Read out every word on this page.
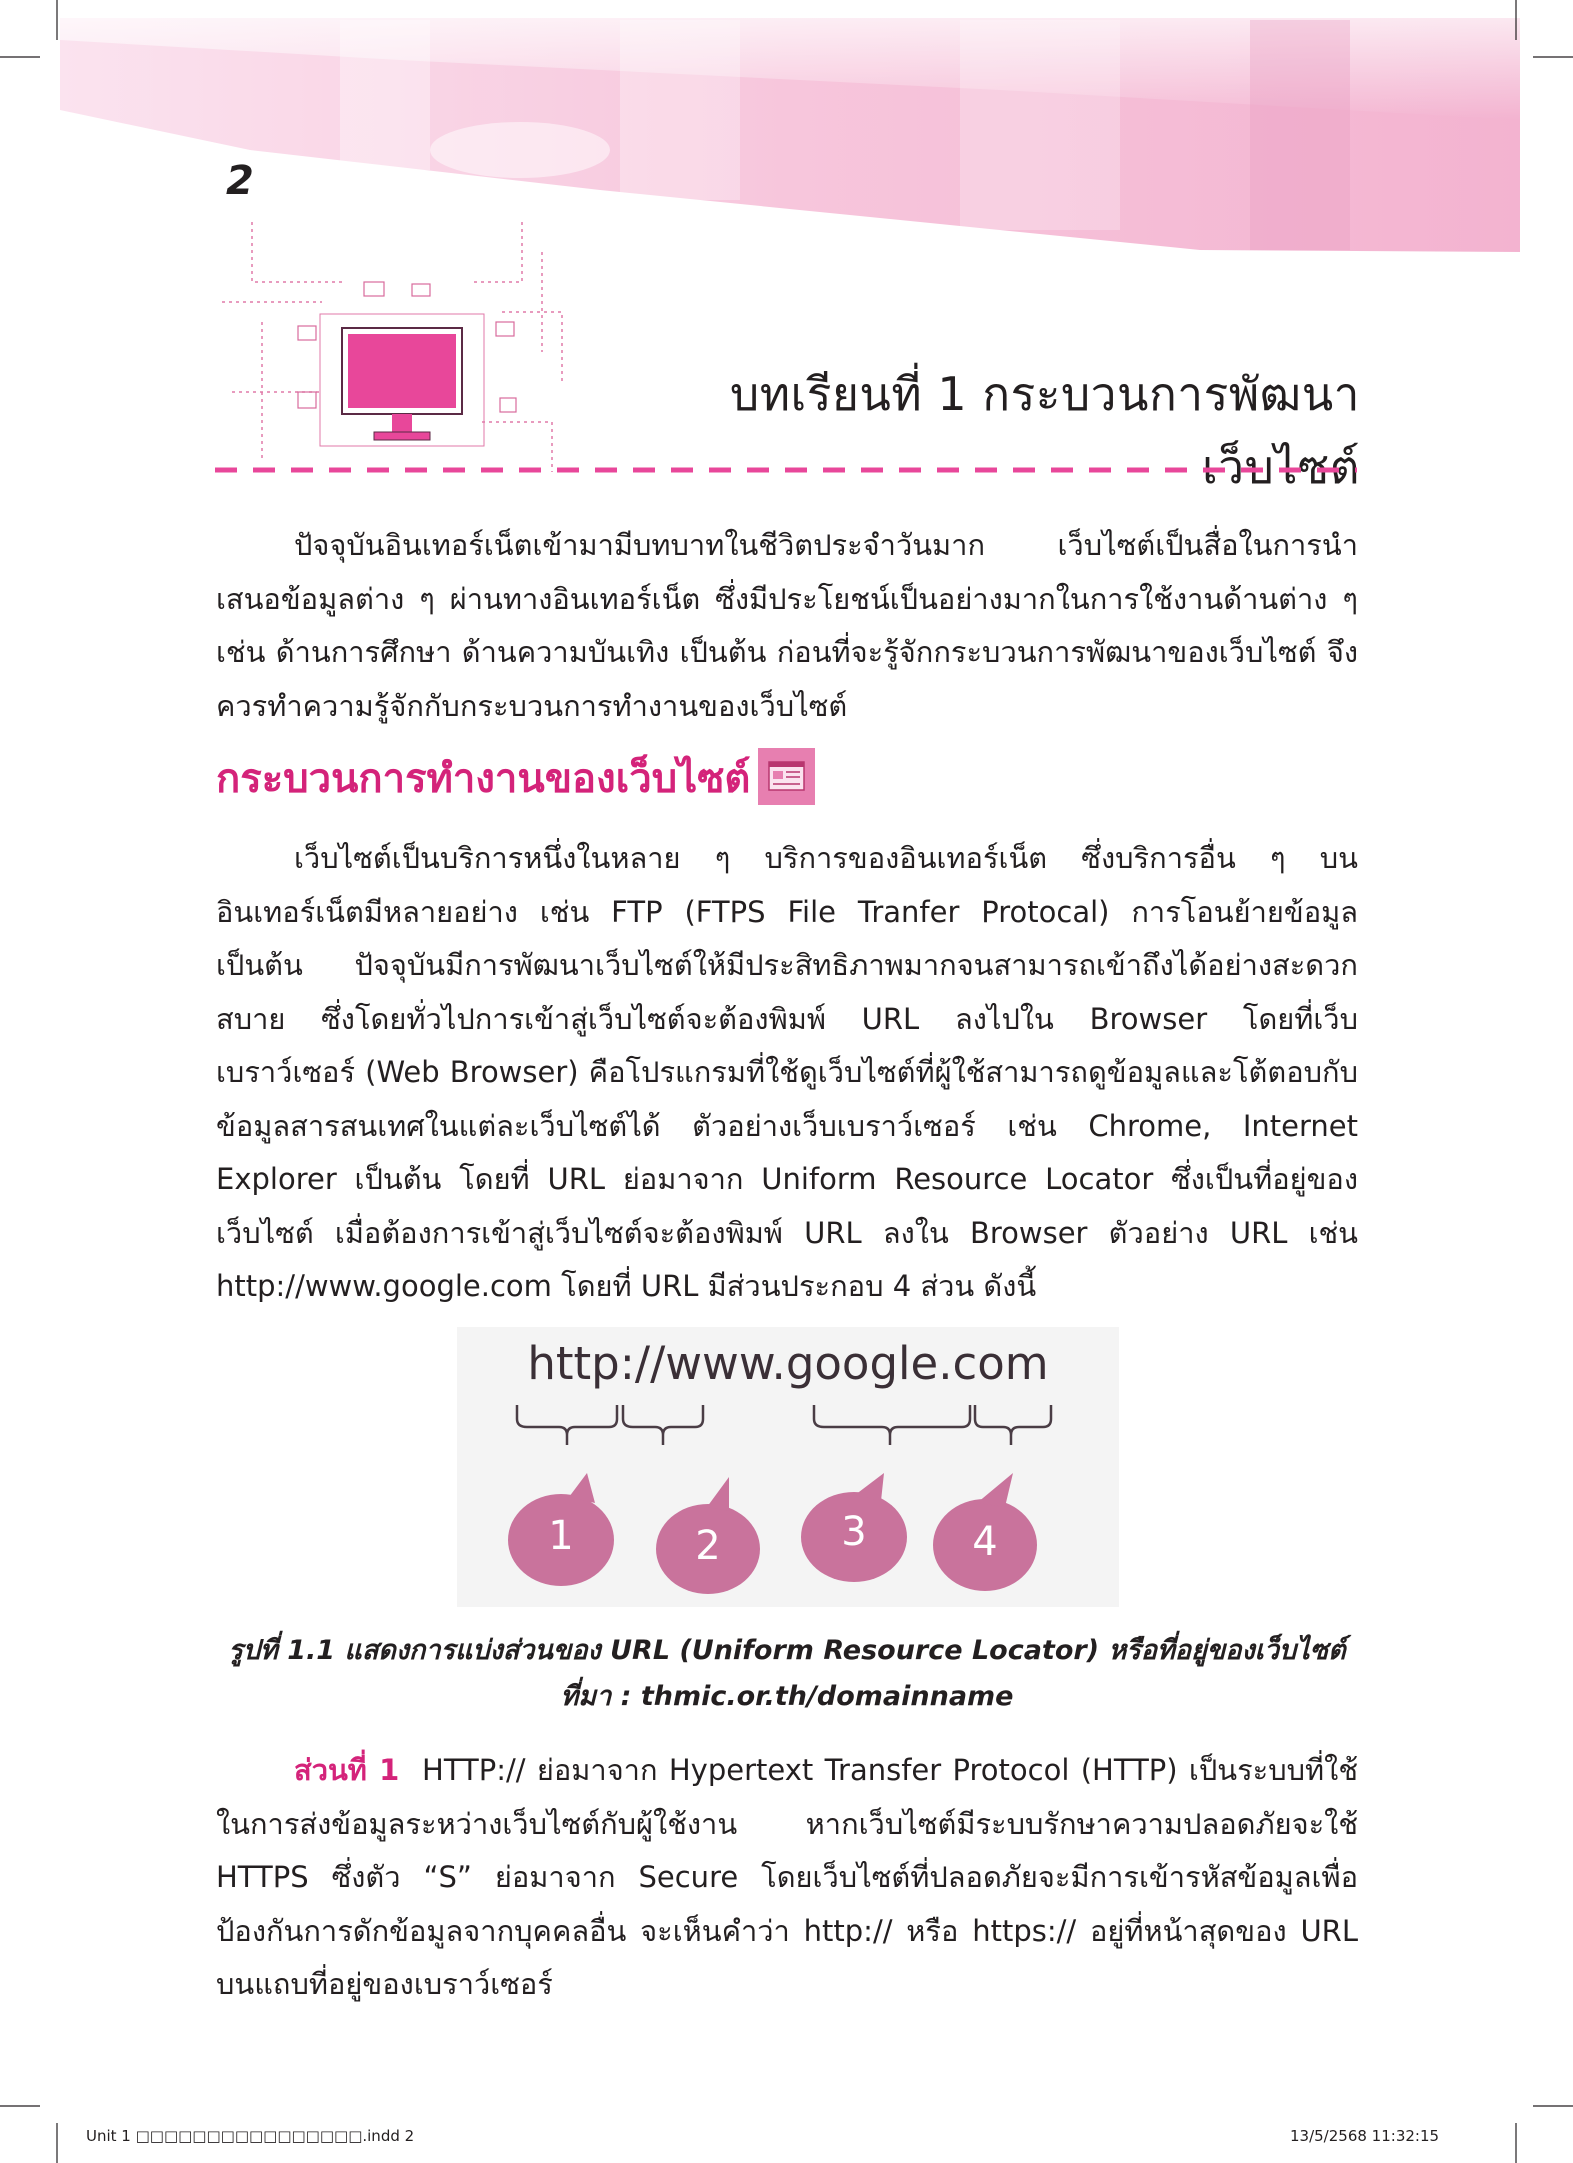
2
บทเรียนที่ 1 กระบวนการพัฒนาเว็บไซต์
ปัจจุบันอินเทอร์เน็ตเข้ามามีบทบาทในชีวิตประจำวันมาก เว็บไซต์เป็นสื่อในการนำเสนอข้อมูลต่าง ๆ ผ่านทางอินเทอร์เน็ต ซึ่งมีประโยชน์เป็นอย่างมากในการใช้งานด้านต่าง ๆ เช่น ด้านการศึกษา ด้านความบันเทิง เป็นต้น ก่อนที่จะรู้จักกระบวนการพัฒนาของเว็บไซต์ จึงควรทำความรู้จักกับกระบวนการทำงานของเว็บไซต์
กระบวนการทำงานของเว็บไซต์
เว็บไซต์เป็นบริการหนึ่งในหลาย ๆ บริการของอินเทอร์เน็ต ซึ่งบริการอื่น ๆ บนอินเทอร์เน็ตมีหลายอย่าง เช่น FTP (FTPS File Tranfer Protocal) การโอนย้ายข้อมูล เป็นต้น ปัจจุบันมีการพัฒนาเว็บไซต์ให้มีประสิทธิภาพมากจนสามารถเข้าถึงได้อย่างสะดวกสบาย ซึ่งโดยทั่วไปการเข้าสู่เว็บไซต์จะต้องพิมพ์ URL ลงไปใน Browser โดยที่เว็บเบราว์เซอร์ (Web Browser) คือโปรแกรมที่ใช้ดูเว็บไซต์ที่ผู้ใช้สามารถดูข้อมูลและโต้ตอบกับข้อมูลสารสนเทศในแต่ละเว็บไซต์ได้ ตัวอย่างเว็บเบราว์เซอร์ เช่น Chrome, Internet Explorer เป็นต้น โดยที่ URL ย่อมาจาก Uniform Resource Locator ซึ่งเป็นที่อยู่ของเว็บไซต์ เมื่อต้องการเข้าสู่เว็บไซต์จะต้องพิมพ์ URL ลงใน Browser ตัวอย่าง URL เช่น http://www.google.com โดยที่ URL มีส่วนประกอบ 4 ส่วน ดังนี้
http://www.google.com
1	2	3	4
รูปที่ 1.1 แสดงการแบ่งส่วนของ URL (Uniform Resource Locator) หรือที่อยู่ของเว็บไซต์
ที่มา : thmic.or.th/domainname
ส่วนที่ 1 HTTP:// ย่อมาจาก Hypertext Transfer Protocol (HTTP) เป็นระบบที่ใช้ในการส่งข้อมูลระหว่างเว็บไซต์กับผู้ใช้งาน หากเว็บไซต์มีระบบรักษาความปลอดภัยจะใช้ HTTPS ซึ่งตัว “S” ย่อมาจาก Secure โดยเว็บไซต์ที่ปลอดภัยจะมีการเข้ารหัสข้อมูลเพื่อป้องกันการดักข้อมูลจากบุคคลอื่น จะเห็นคำว่า http:// หรือ https:// อยู่ที่หน้าสุดของ URL บนแถบที่อยู่ของเบราว์เซอร์
Unit 1 □□□□□□□□□□□□□□□□.indd 2	13/5/2568 11:32:15
